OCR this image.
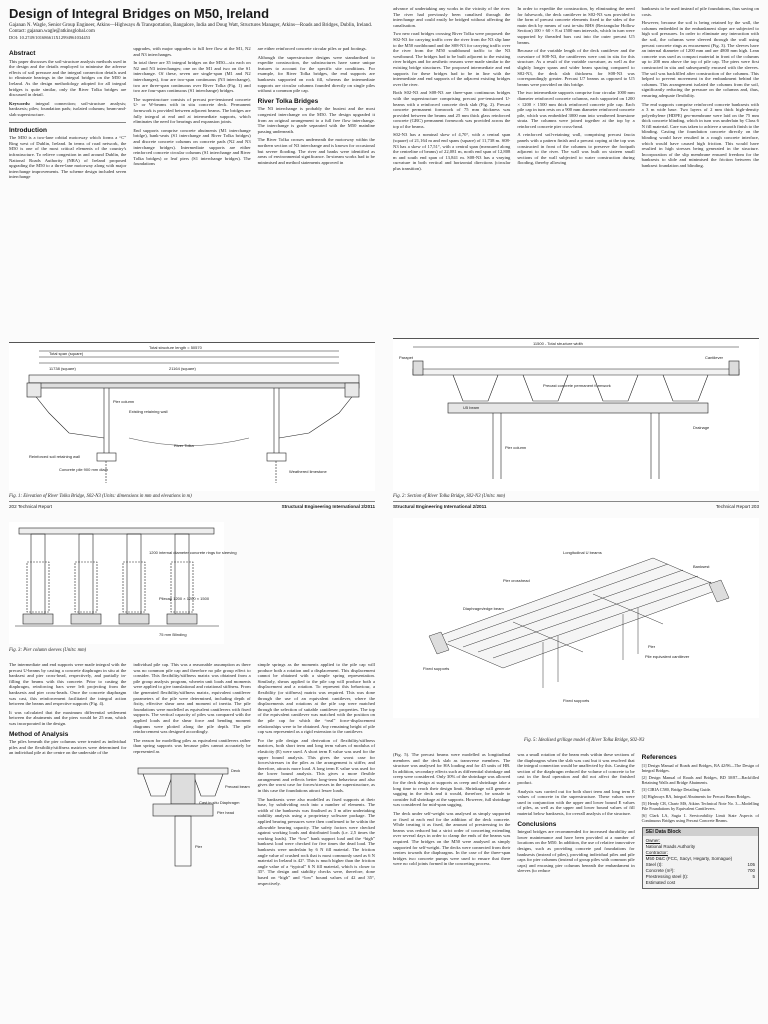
Design of Integral Bridges on M50, Ireland

Gajanan N. Wagle, Senior Group Engineer, Atkins—Highways & Transportation, Bangalore, India and Doug Watt, Structures Manager, Atkins—Roads and Bridges, Dublin, Ireland. Contact: gajanan.wagle@atkinsglobal.com

DOI: 10.2749/101686611X12994961034453

Abstract

This paper discusses the soil-structure analysis methods used in the design and the details employed to minimise the adverse effects of soil pressure and the integral connection details used to eliminate bearings in the integral bridges on the M50 in Ireland. As the design methodology adopted for all integral bridges is quite similar, only the River Tolka bridges are discussed in detail.

Keywords: integral connection; soil-structure analysis; banksests; piles; foundation pads; isolated columns; beam-and-slab superstructure.

Introduction

The M50 is a two-lane orbital motorway which forms a “C” Ring west of Dublin, Ireland. In terms of road network, the M50 is one of the most critical elements of the country's infrastructure. To relieve congestion in and around Dublin, the National Roads Authority (NRA) of Ireland proposed upgrading the M50 to a three-lane motorway along with major interchange improvements. The scheme design included seven interchange

upgrades, with major upgrades to full free flow at the M1, N2 and N3 interchanges.

In total there are 35 integral bridges on the M50—six each on N2 and N3 interchanges; one on the M1 and two on the S1 interchange. Of these, seven are single-span (M1 and N2 interchanges), four are two-span continuous (N3 interchange), two are three-span continuous over River Tolka (Fig. 1) and two are four-span continuous (S1 interchange) bridges.

The superstructure consists of precast pre-tensioned concrete U- or W-beams with in situ concrete deck. Permanent formwork is provided between adjacent beams. The bridges are fully integral at end and at intermediate supports, which eliminates the need for bearings and expansion joints.

End supports comprise concrete abutments (M1 interchange bridge), bank-seats (S1 interchange and River Tolka bridges) and discrete concrete columns on concrete pads (N2 and N3 interchange bridges). Intermediate supports are either reinforced concrete circular columns (S1 interchange and River Tolka bridges) or leaf piers (S1 interchange bridges). The foundations

are either reinforced concrete circular piles or pad footings.

Although the superstructure designs were standardised to expedite construction, the substructures have some unique features to account for the specific site conditions. For example, for River Tolka bridges, the end supports are banksests supported on rock fill, whereas the intermediate supports are circular columns founded directly on single piles without a common pile cap.

River Tolka Bridges

The N3 interchange is probably the busiest and the most congested interchange on the M50. The design upgraded it from an original arrangement to a full free flow interchange. The interchange is grade separated with the M50 mainline passing underneath.

The River Tolka crosses underneath the motorway within the northern section of N3 interchange and is known for occasional but severe flooding. The river and banks were identified as areas of environmental significance. In-stream works had to be minimised and method statements approved in

Total structure length = 50570
Total span (square)
11738 (square)	21164 (square)
River Tolka
Existing retaining wall
Pier column
Reinforced soil retaining wall
Concrete pile 900 mm diam	Weathered limestone
Fig. 1: Elevation of River Tolka Bridge, S02-N3 (Units: dimensions in mm and elevations in m)
202 Technical Report	Structural Engineering International 2/2011

advance of undertaking any works in the vicinity of the river. The river had previously been canalised through the interchange and could easily be bridged without affecting the canalisation.

Two new road bridges crossing River Tolka were proposed: the S02-N3 for carrying traffic over the river from the N3 slip lane to the M50 northbound and the S08-N3 for carrying traffic over the river from the M50 southbound traffic to the N3 westbound. The bridges had to be built adjacent to the existing river bridges and for aesthetic reasons were made similar to the existing bridge structures. The proposed intermediate and end supports for these bridges had to be in line with the intermediate and end supports of the adjacent existing bridges over the river.

Both S02-N3 and S08-N3 are three-span continuous bridges with the superstructure comprising precast pre-tensioned U-beams with a reinforced concrete deck slab (Fig. 2). Precast concrete permanent formwork of 75 mm thickness was provided between the beams and 25 mm thick glass reinforced concrete (GRC) permanent formwork was provided across the top of the beams.

S02-N3 has a nominal skew of 4,70°, with a central span (square) of 21,164 m and end spans (square) of 11,738 m. S08-N3 has a skew of 17,51°, with a central span (measured along the centreline of beams) of 22,081 m, north end span of 12,808 m and south end span of 13,841 m. S08-N3 has a varying curvature in both vertical and horizontal directions (circular plus transition).

In order to expedite the construction, by eliminating the need for falsework, the deck cantilever in S02-N3 was provided in the form of precast concrete elements fixed to the sides of the main deck by means of cast in-situ RHS (Rectangular Hollow Section) 100 × 60 × 8 at 1500 mm intervals, which in turn were supported by threaded bars cast into the outer precast U5 beams.

Because of the variable length of the deck cantilever and the curvature of S08-N3, the cantilevers were cast in situ for this structure. As a result of the variable curvature, as well as the slightly longer spans and wider beam spacing compared to S02-N3, the deck slab thickness for S08-N3 was correspondingly greater. Precast U7 beams as opposed to U5 beams were provided on this bridge.

The two intermediate supports comprise four circular 1000 mm diameter reinforced concrete columns, each supported on 1200 × 1200 × 1500 mm thick reinforced concrete pile cap. Each pile cap in turn rests on a 900 mm diameter reinforced concrete pile, which was embedded 3000 mm into weathered limestone strata. The columns were joined together at the top by a reinforced concrete pier cross-head.

A reinforced soil-retaining wall, comprising precast fascia panels with a pattern finish and a precast coping at the top was constructed in front of the columns to preserve the footpath adjacent to the river. The wall was built on sixteen small sections of the wall subjected to water construction during flooding, thereby allowing

banksests to be used instead of pile foundations, thus saving on costs.

However, because the soil is being retained by the wall, the columns embedded in the embankment slope are subjected to high soil pressures. In order to eliminate any interaction with the soil, the columns were sleeved through the wall using precast concrete rings as encasement (Fig. 3). The sleeves have an internal diameter of 1200 mm and are 4800 mm high. Lean concrete was used as compact material in front of the columns up to 200 mm above the top of pile cap. The piers were first constructed in situ and subsequently encased with the sleeves. The soil was backfilled after construction of the columns. This helped to prevent movement in the embankment behind the columns. This arrangement isolated the columns from the soil, significantly reducing the pressure on the columns and, thus, ensuring adequate flexibility.

The end supports comprise reinforced concrete banksests with a 3 m wide base. Two layers of 2 mm thick high-density polyethylene (HDPE) geo-membrane were laid on the 75 mm thick concrete blinding, which in turn was underlain by Class 6 N fill material. Care was taken to achieve a smooth finish to the blinding. Casting the foundation concrete directly on the blinding would have resulted in a rough concrete interface, which would have caused high friction. This would have resulted in high stresses being generated in the structure. Incorporation of the slip membrane ensured freedom for the banksests to slide and minimised the friction between the banksest foundation and blinding.

11500 - Total structure width
Parapet	Cantilever
U5 beam
Precast concrete permanent formwork
Drainage
Pier column
Fig. 2: Section of River Tolka Bridge, S02-N3 (Units: mm)
Structural Engineering International 2/2011	Technical Report 203
1200 internal diameter concrete rings for sleeving
Pilecap 1200 × 1200 × 1500
75 mm Blinding
Fig. 3: Pier column sleeves (Units: mm)

The intermediate and end supports were made integral with the precast U-beams by casting a concrete diaphragm in situ at the banksest and pier cross-head, respectively, and partially in-filling the beams with this concrete. Prior to casting the diaphragm, reinforcing bars were left projecting from the banksests and pier cross-heads. Once the concrete diaphragm was cast, this reinforcement facilitated the integral action between the beams and respective supports (Fig. 4).

It was calculated that the maximum differential settlement between the abutments and the piers would be 25 mm, which was incorporated in the design.

Method of Analysis

The piles beneath the pier columns were treated as individual piles and the flexibility/stiffness matrices were determined for an individual pile at the centre on the underside of the

individual pile cap. This was a reasonable assumption as there was no common pile cap and therefore no pile group effect to consider. This flexibility/stiffness matrix was obtained from a pile group analysis program, wherein unit loads and moments were applied to give translational and rotational stiffness. From the generated flexibility/stiffness matrix, equivalent cantilever parameters of the pile were determined, including depth of fixity, effective shear area and moment of inertia. The pile foundations were modelled as equivalent cantilevers with fixed supports. The vertical capacity of piles was compared with the applied loads and the shear force and bending moment diagrams were plotted along the pile depth. The pile reinforcement was designed accordingly.

The reason for modelling piles as equivalent cantilevers rather than spring supports was because piles cannot accurately be represented as

Deck
Precast beam
Cast in situ Diaphragm
Pier head
Pier

simple springs as the moments applied to the pile cap will produce both a rotation and a displacement. This displacement cannot be obtained with a simple spring representation. Similarly, shears applied to the pile cap will produce both a displacement and a rotation. To represent this behaviour, a flexibility (or stiffness) matrix was required. This was done through the use of an equivalent cantilever, where the displacements and rotations at the pile cap were matched through the selection of suitable cantilever properties. The top of the equivalent cantilever was matched with the position on the pile cap for which the “real” force-displacement relationships were to be obtained. Any remaining height of pile cap was represented as a rigid extension to the cantilever.

For the pile design and derivation of flexibility/stiffness matrices, both short term and long term values of modulus of elasticity (E) were used. A short term E value was used for the upper bound analysis. This gives the worst case for forces/stresses in the piles as the arrangement is stiffer, and therefore, attracts more load. A long term E value was used for the lower bound analysis. This gives a more flexible arrangement and reflects better long-term behaviour and also gives the worst case for forces/stresses in the superstructure, as in this case the foundations attract lesser loads.

The banksests were also modelled as fixed supports at their base, by subdividing each into a number of elements. The width of the banksests was finalised as 3 m after undertaking stability analysis using a proprietary software package. The applied bearing pressures were then confirmed to be within the allowable bearing capacity. The safety factors were checked against working loads and distributed loads (i.e. 2,5 times the working loads). The “low” bank support load and the “high” banksest load were checked for five times the dead load. The banksests were underlain by 6 N fill material. The friction angle value of crushed rock that is most commonly used as 6 N material in Ireland is 42°. This is much higher than the friction angle value of a “typical” 6 N fill material, which is closer to 35°. The design and stability checks were, therefore, done based on “high” and “low” bound values of 42 and 35°, respectively.

Banksest
Longitudinal U beams
Pier crosshead
Diaphragm/edge beam
Fixed supports
Pier
Pile equivalent cantilever
Fixed supports
Fig. 5: Idealised grillage model of River Tolka Bridge, S02-N3

(Fig. 5). The precast beams were modelled as longitudinal members and the deck slab as transverse members. The structure was analysed for HA loading and for 45 units of HB. In addition, secondary effects such as differential shrinkage and creep were considered. Only 30% of the shrinkage was allowed for the deck design at supports as creep and shrinkage take a long time to reach their design limit. Shrinkage will generate sagging in the deck and it would, therefore, be unsafe to consider full shrinkage at the supports. However, full shrinkage was considered for mid-span sagging.

The deck under self-weight was analysed as simply supported or fixed at each end for the addition of the deck concrete. While treating it as fixed, the amount of prestressing in the beams was reduced but a strict order of concreting extending over several days in order to clamp the ends of the beams was required. The bridges on the M50 were analysed as simply supported for self-weight. The decks were connected from their centres towards the diaphragms. In the case of the three-span bridges two concrete pumps were used to ensure that there were no cold joints formed in the concreting process.

was a small rotation of the beam ends within these sections of the diaphragms when the slab was cast but it was resolved that the integral connection would be unaffected by this. Casting the section of the diaphragm reduced the volume of concrete to be cast in the final operation and did not affect the finished product.

Analysis was carried out for both short term and long term E values of concrete in the superstructure. These values were used in conjunction with the upper and lower bound E values of piles, as well as the upper and lower bound values of fill material below banksests, for overall analysis of the structure.

Conclusions

Integral bridges are recommended for increased durability and lower maintenance and have been provided at a number of locations on the M50. In addition, the use of relative innovative designs, such as providing concrete pad foundations for banksests (instead of piles), providing individual piles and pile caps for pier columns (instead of group piles with common pile caps) and encasing pier columns beneath the embankment in sleeves (to reduce

References

[1] Design Manual of Roads and Bridges, BA 42/96—The Design of Integral Bridges.

[2] Design Manual of Roads and Bridges, BD 30/87—Backfilled Retaining Walls and Bridge Abutments.

[3] CIRIA C580, Bridge Detailing Guide.

[4] Highways BA, Integral Abutments for Precast Beam Bridges.

[5] Hendy CR, Chartr MS, Atkins Technical Note No. 3—Modelling Pile Foundations by Equivalent Cantilevers.

[6] Clark LA, Sugia I. Serviceability Limit State Aspects of Continuous Bridges using Precast Concrete Beams.

SEI Data Block
Owner:
National Roads Authority
Contractor:
M50 D&C (FCC, Sacyr, Hegarty, Somague)
Steel (t):	105
Concrete (m³):	700
Prestressing steel (t):	5
Estimated cost
